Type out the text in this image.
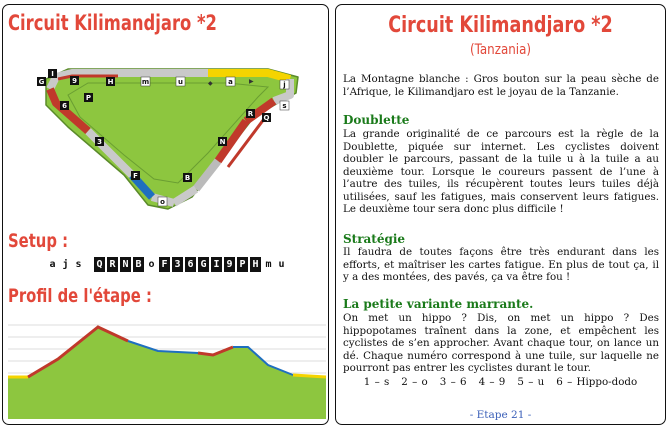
Circuit Kilimandjaro *2
G
I
9	H	m	u	a	j
s
6
P
3
F
o
B
N
R Q
◆	▶
Setup :
a j s Q R N B o F 3 6 G I 9 P H m u
Profil de l'étape :
Circuit Kilimandjaro *2
(Tanzania)
La Montagne blanche : Gros bouton sur la peau sèche de l’Afrique, le Kilimandjaro est le joyau de la Tanzanie.
Doublette
La grande originalité de ce parcours est la règle de la Doublette, piquée sur internet. Les cyclistes doivent doubler le parcours, passant de la tuile u à la tuile a au deuxième tour. Lorsque le coureurs passent de l’une à l’autre des tuiles, ils récupèrent toutes leurs tuiles déjà utilisées, sauf les fatigues, mais conservent leurs fatigues. Le deuxième tour sera donc plus difficile !
Stratégie
Il faudra de toutes façons être très endurant dans les efforts, et maîtriser les cartes fatigue. En plus de tout ça, il y a des montées, des pavés, ça va être fou !
La petite variante marrante.
On met un hippo ? Dis, on met un hippo ? Des hippopotames traînent dans la zone, et empêchent les cyclistes de s’en approcher. Avant chaque tour, on lance un dé. Chaque numéro correspond à une tuile, sur laquelle ne pourront pas entrer les cyclistes durant le tour.
1 – s 2 – o 3 – 6 4 – 9 5 – u 6 – Hippo-dodo
- Etape 21 -
